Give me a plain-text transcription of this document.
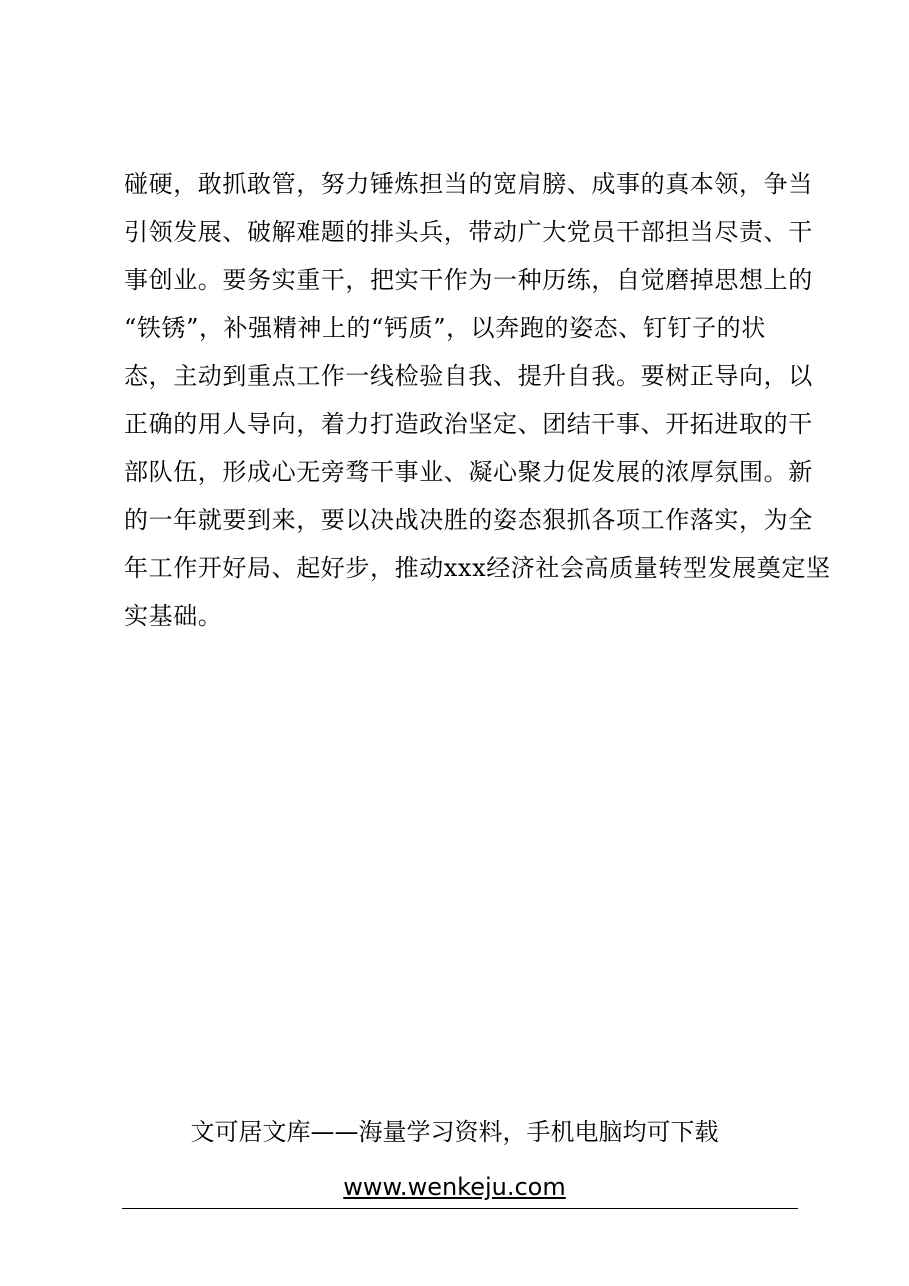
碰硬，敢抓敢管，努力锤炼担当的宽肩膀、成事的真本领，争当
引领发展、破解难题的排头兵，带动广大党员干部担当尽责、干
事创业。要务实重干，把实干作为一种历练，自觉磨掉思想上的
“铁锈”，补强精神上的“钙质”，以奔跑的姿态、钉钉子的状
态，主动到重点工作一线检验自我、提升自我。要树正导向，以
正确的用人导向，着力打造政治坚定、团结干事、开拓进取的干
部队伍，形成心无旁骛干事业、凝心聚力促发展的浓厚氛围。新
的一年就要到来，要以决战决胜的姿态狠抓各项工作落实，为全
年工作开好局、起好步，推动xxx经济社会高质量转型发展奠定坚
实基础。
文可居文库——海量学习资料，手机电脑均可下载
www.wenkeju.com
